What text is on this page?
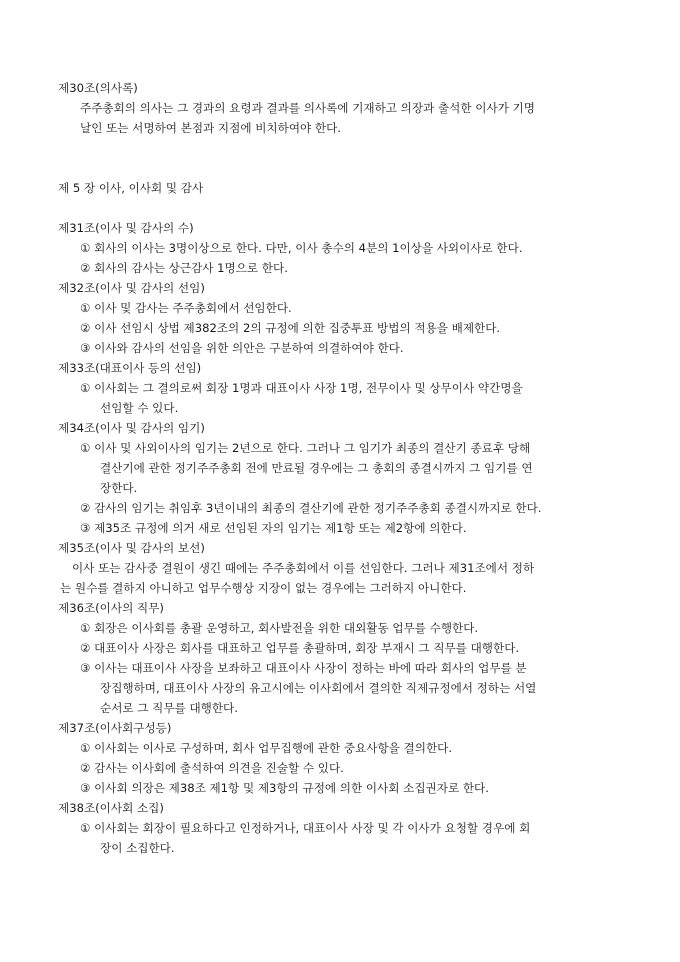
제30조(의사록)
주주총회의 의사는 그 경과의 요령과 결과를 의사록에 기재하고 의장과 출석한 이사가 기명
날인 또는 서명하여 본점과 지점에 비치하여야 한다.
제 5 장 이사, 이사회 및 감사
제31조(이사 및 감사의 수)
① 회사의 이사는 3명이상으로 한다. 다만, 이사 총수의 4분의 1이상을 사외이사로 한다.
② 회사의 감사는 상근감사 1명으로 한다.
제32조(이사 및 감사의 선임)
① 이사 및 감사는 주주총회에서 선임한다.
② 이사 선임시 상법 제382조의 2의 규정에 의한 집중투표 방법의 적용을 배제한다.
③ 이사와 감사의 선임을 위한 의안은 구분하여 의결하여야 한다.
제33조(대표이사 등의 선임)
① 이사회는 그 결의로써 회장 1명과 대표이사 사장 1명, 전무이사 및 상무이사 약간명을
선임할 수 있다.
제34조(이사 및 감사의 임기)
① 이사 및 사외이사의 임기는 2년으로 한다. 그러나 그 임기가 최종의 결산기 종료후 당해
결산기에 관한 정기주주총회 전에 만료될 경우에는 그 총회의 종결시까지 그 임기를 연
장한다.
② 감사의 임기는 취임후 3년이내의 최종의 결산기에 관한 정기주주총회 종결시까지로 한다.
③ 제35조 규정에 의거 새로 선임된 자의 임기는 제1항 또는 제2항에 의한다.
제35조(이사 및 감사의 보선)
이사 또는 감사중 결원이 생긴 때에는 주주총회에서 이를 선임한다. 그러나 제31조에서 정하
는 원수를 결하지 아니하고 업무수행상 지장이 없는 경우에는 그러하지 아니한다.
제36조(이사의 직무)
① 회장은 이사회를 총괄 운영하고, 회사발전을 위한 대외활동 업무를 수행한다.
② 대표이사 사장은 회사를 대표하고 업무를 총괄하며, 회장 부재시 그 직무를 대행한다.
③ 이사는 대표이사 사장을 보좌하고 대표이사 사장이 정하는 바에 따라 회사의 업무를 분
장집행하며, 대표이사 사장의 유고시에는 이사회에서 결의한 직제규정에서 정하는 서열
순서로 그 직무를 대행한다.
제37조(이사회구성등)
① 이사회는 이사로 구성하며, 회사 업무집행에 관한 중요사항을 결의한다.
② 감사는 이사회에 출석하여 의견을 진술할 수 있다.
③ 이사회 의장은 제38조 제1항 및 제3항의 규정에 의한 이사회 소집권자로 한다.
제38조(이사회 소집)
① 이사회는 회장이 필요하다고 인정하거나, 대표이사 사장 및 각 이사가 요청할 경우에 회
장이 소집한다.
